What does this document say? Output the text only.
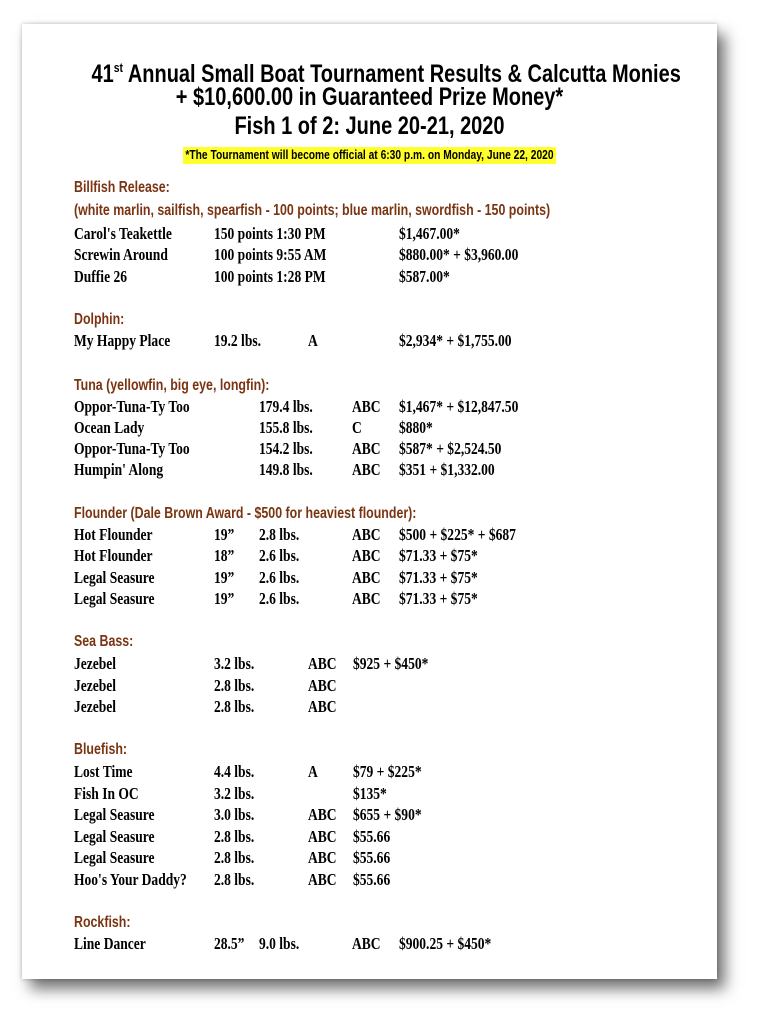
41st Annual Small Boat Tournament Results & Calcutta Monies
+ $10,600.00 in Guaranteed Prize Money*
Fish 1 of 2: June 20-21, 2020
*The Tournament will become official at 6:30 p.m. on Monday, June 22, 2020
Billfish Release:
(white marlin, sailfish, spearfish - 100 points; blue marlin, swordfish - 150 points)
Carol's Teakettle	150 points 1:30 PM	$1,467.00*
Screwin Around	100 points 9:55 AM	$880.00* + $3,960.00
Duffie 26	100 points 1:28 PM	$587.00*
Dolphin:
My Happy Place	19.2 lbs.	A	$2,934* + $1,755.00
Tuna (yellowfin, big eye, longfin):
Oppor-Tuna-Ty Too	179.4 lbs. ABC $1,467* + $12,847.50
Ocean Lady	155.8 lbs. C $880*
Oppor-Tuna-Ty Too	154.2 lbs. ABC $587* + $2,524.50
Humpin' Along	149.8 lbs. ABC $351 + $1,332.00
Flounder (Dale Brown Award - $500 for heaviest flounder):
Hot Flounder	19” 2.8 lbs.	ABC $500 + $225* + $687
Hot Flounder	18” 2.6 lbs.	ABC $71.33 + $75*
Legal Seasure	19” 2.6 lbs.	ABC $71.33 + $75*
Legal Seasure	19” 2.6 lbs.	ABC $71.33 + $75*
Sea Bass:
Jezebel	3.2 lbs.	ABC $925 + $450*
Jezebel	2.8 lbs.	ABC
Jezebel	2.8 lbs.	ABC
Bluefish:
Lost Time	4.4 lbs.	A $79 + $225*
Fish In OC	3.2 lbs.	$135*
Legal Seasure	3.0 lbs.	ABC $655 + $90*
Legal Seasure	2.8 lbs.	ABC $55.66
Legal Seasure	2.8 lbs.	ABC $55.66
Hoo's Your Daddy? 2.8 lbs.	ABC $55.66
Rockfish:
Line Dancer	28.5” 9.0 lbs.	ABC $900.25 + $450*
